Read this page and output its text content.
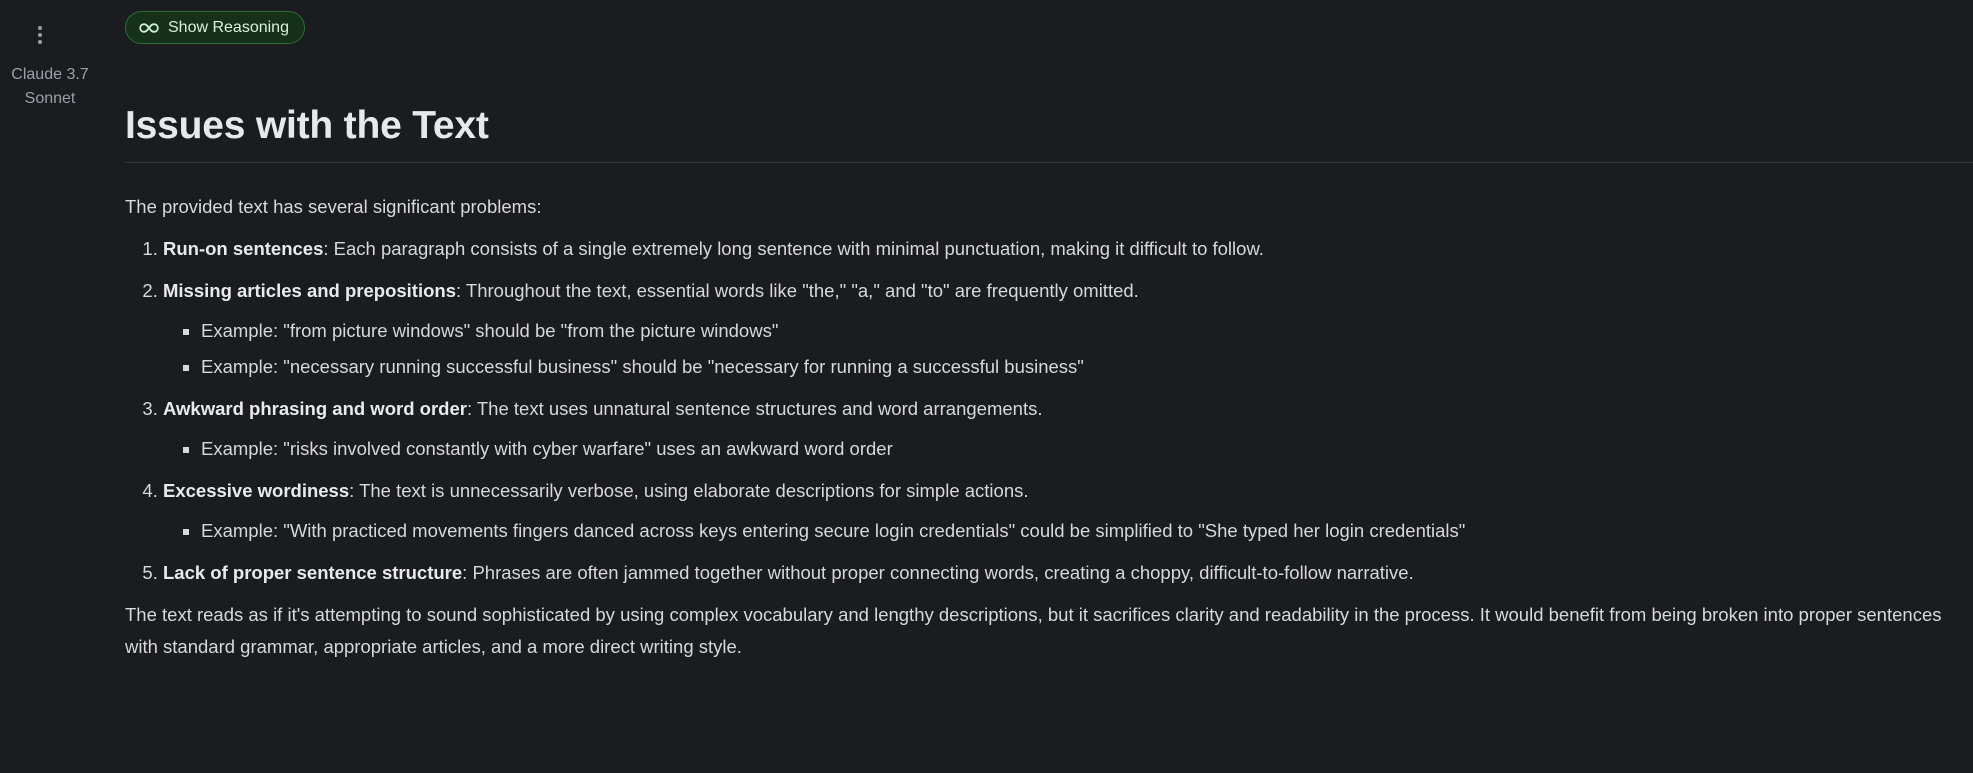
Claude 3.7 Sonnet
Show Reasoning
Issues with the Text

The provided text has several significant problems:

1. Run-on sentences: Each paragraph consists of a single extremely long sentence with minimal punctuation, making it difficult to follow.
2. Missing articles and prepositions: Throughout the text, essential words like "the," "a," and "to" are frequently omitted.
▪ Example: "from picture windows" should be "from the picture windows"
▪ Example: "necessary running successful business" should be "necessary for running a successful business"
3. Awkward phrasing and word order: The text uses unnatural sentence structures and word arrangements.
▪ Example: "risks involved constantly with cyber warfare" uses an awkward word order
4. Excessive wordiness: The text is unnecessarily verbose, using elaborate descriptions for simple actions.
▪ Example: "With practiced movements fingers danced across keys entering secure login credentials" could be simplified to "She typed her login credentials"
5. Lack of proper sentence structure: Phrases are often jammed together without proper connecting words, creating a choppy, difficult-to-follow narrative.

The text reads as if it's attempting to sound sophisticated by using complex vocabulary and lengthy descriptions, but it sacrifices clarity and readability in the process. It would benefit from being broken into proper sentences with standard grammar, appropriate articles, and a more direct writing style.
